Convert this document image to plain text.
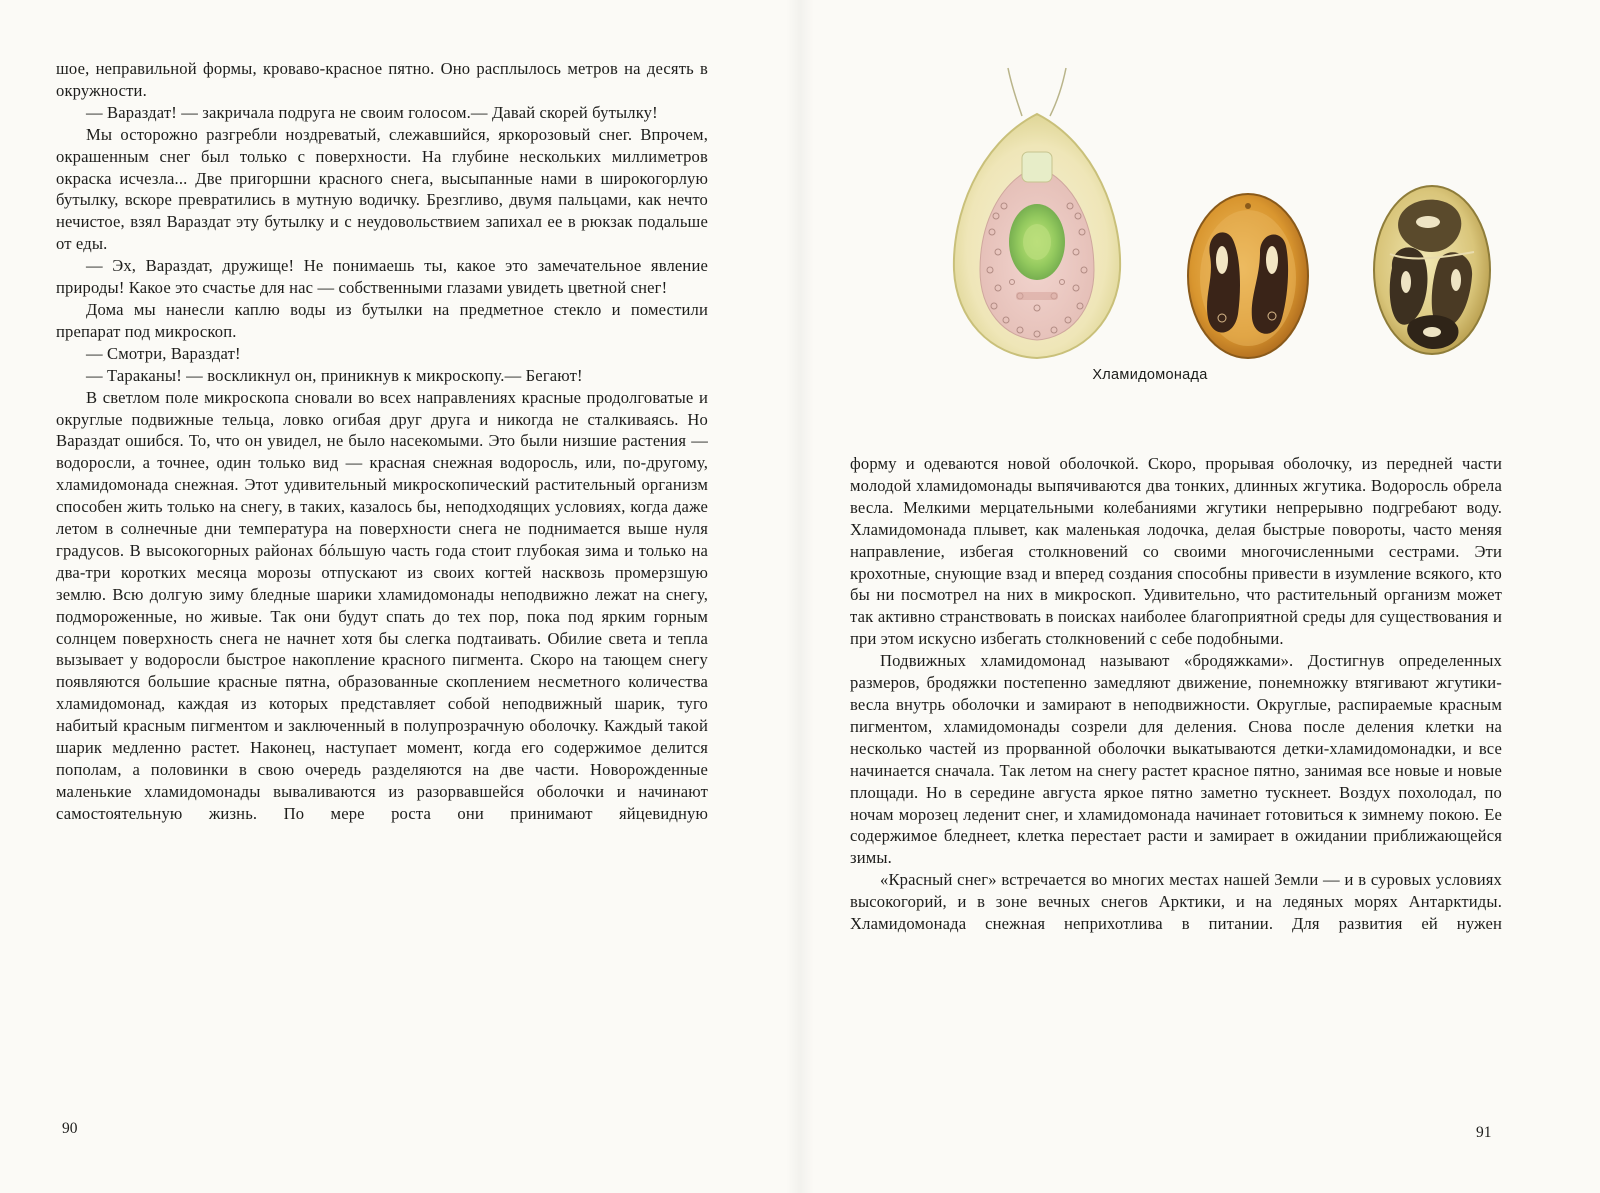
шое, неправильной формы, кроваво-красное пятно. Оно расплылось метров на десять в окружности.

— Вараздат! — закричала подруга не своим голосом.— Давай скорей бутылку!

Мы осторожно разгребли ноздреватый, слежавшийся, яркорозовый снег. Впрочем, окрашенным снег был только с поверхности. На глубине нескольких миллиметров окраска исчезла... Две пригоршни красного снега, высыпанные нами в широкогорлую бутылку, вскоре превратились в мутную водичку. Брезгливо, двумя пальцами, как нечто нечистое, взял Вараздат эту бутылку и с неудовольствием запихал ее в рюкзак подальше от еды.

— Эх, Вараздат, дружище! Не понимаешь ты, какое это замечательное явление природы! Какое это счастье для нас — собственными глазами увидеть цветной снег!

Дома мы нанесли каплю воды из бутылки на предметное стекло и поместили препарат под микроскоп.

— Смотри, Вараздат!

— Тараканы! — воскликнул он, приникнув к микроскопу.— Бегают!

В светлом поле микроскопа сновали во всех направлениях красные продолговатые и округлые подвижные тельца, ловко огибая друг друга и никогда не сталкиваясь. Но Вараздат ошибся. То, что он увидел, не было насекомыми. Это были низшие растения — водоросли, а точнее, один только вид — красная снежная водоросль, или, по-другому, хламидомонада снежная. Этот удивительный микроскопический растительный организм способен жить только на снегу, в таких, казалось бы, неподходящих условиях, когда даже летом в солнечные дни температура на поверхности снега не поднимается выше нуля градусов. В высокогорных районах бóльшую часть года стоит глубокая зима и только на два-три коротких месяца морозы отпускают из своих когтей насквозь промерзшую землю. Всю долгую зиму бледные шарики хламидомонады неподвижно лежат на снегу, подмороженные, но живые. Так они будут спать до тех пор, пока под ярким горным солнцем поверхность снега не начнет хотя бы слегка подтаивать. Обилие света и тепла вызывает у водоросли быстрое накопление красного пигмента. Скоро на тающем снегу появляются большие красные пятна, образованные скоплением несметного количества хламидомонад, каждая из которых представляет собой неподвижный шарик, туго набитый красным пигментом и заключенный в полупрозрачную оболочку. Каждый такой шарик медленно растет. Наконец, наступает момент, когда его содержимое делится пополам, а половинки в свою очередь разделяются на две части. Новорожденные маленькие хламидомонады вываливаются из разорвавшейся оболочки и начинают самостоятельную жизнь. По мере роста они принимают яйцевидную

90
Хламидомонада

форму и одеваются новой оболочкой. Скоро, прорывая оболочку, из передней части молодой хламидомонады выпячиваются два тонких, длинных жгутика. Водоросль обрела весла. Мелкими мерцательными колебаниями жгутики непрерывно подгребают воду. Хламидомонада плывет, как маленькая лодочка, делая быстрые повороты, часто меняя направление, избегая столкновений со своими многочисленными сестрами. Эти крохотные, снующие взад и вперед создания способны привести в изумление всякого, кто бы ни посмотрел на них в микроскоп. Удивительно, что растительный организм может так активно странствовать в поисках наиболее благоприятной среды для существования и при этом искусно избегать столкновений с себе подобными.

Подвижных хламидомонад называют «бродяжками». Достигнув определенных размеров, бродяжки постепенно замедляют движение, понемножку втягивают жгутики-весла внутрь оболочки и замирают в неподвижности. Округлые, распираемые красным пигментом, хламидомонады созрели для деления. Снова после деления клетки на несколько частей из прорванной оболочки выкатываются детки-хламидомонадки, и все начинается сначала. Так летом на снегу растет красное пятно, занимая все новые и новые площади. Но в середине августа яркое пятно заметно тускнеет. Воздух похолодал, по ночам морозец леденит снег, и хламидомонада начинает готовиться к зимнему покою. Ее содержимое бледнеет, клетка перестает расти и замирает в ожидании приближающейся зимы.

«Красный снег» встречается во многих местах нашей Земли — и в суровых условиях высокогорий, и в зоне вечных снегов Арктики, и на ледяных морях Антарктиды. Хламидомонада снежная неприхотлива в питании. Для развития ей нужен

91
